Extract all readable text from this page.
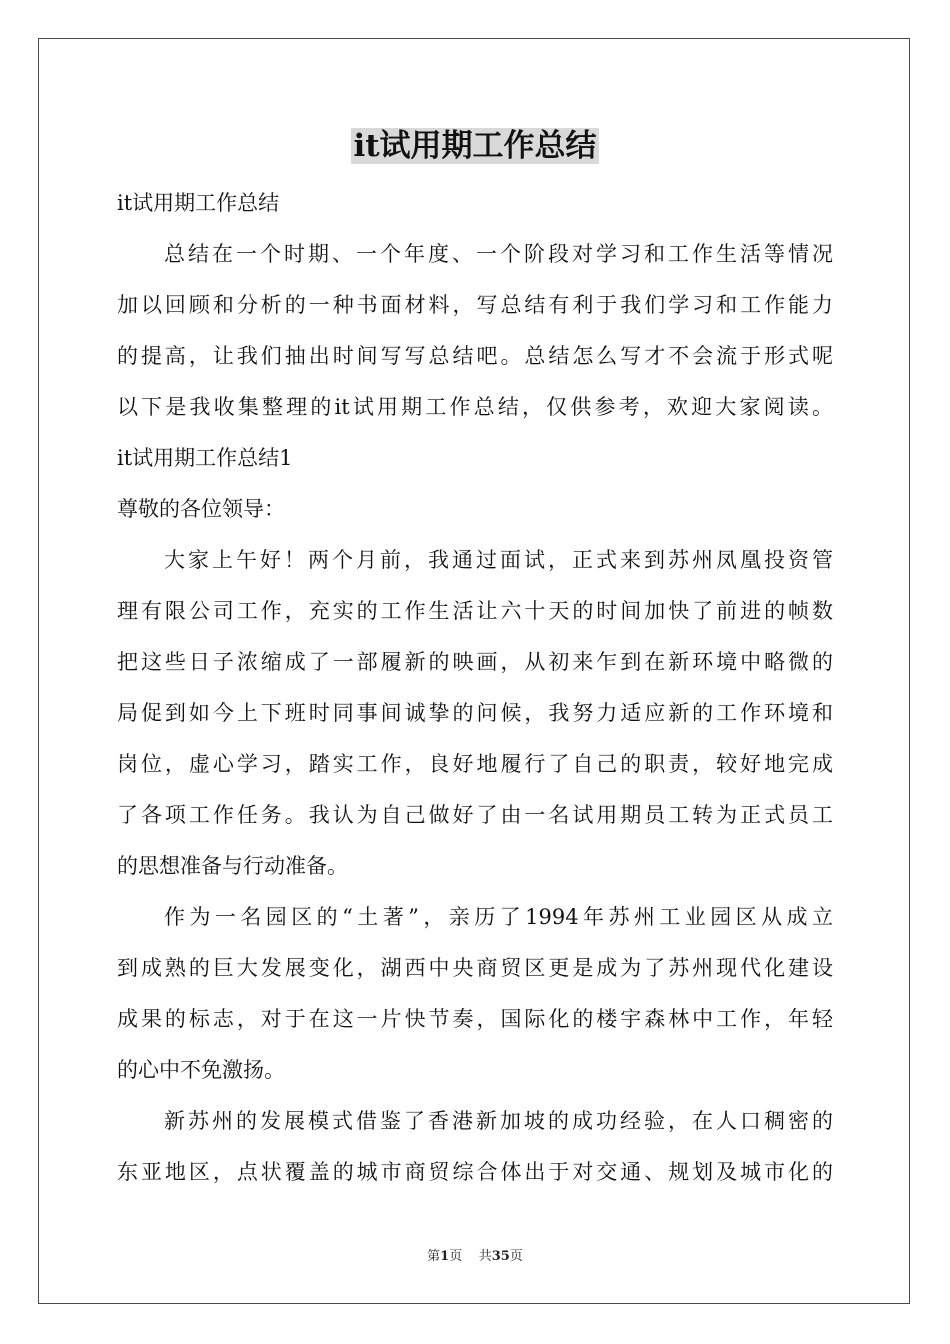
it试用期工作总结
it试用期工作总结
总结在一个时期、一个年度、一个阶段对学习和工作生活等情况
加以回顾和分析的一种书面材料，写总结有利于我们学习和工作能力
的提高，让我们抽出时间写写总结吧。总结怎么写才不会流于形式呢
以下是我收集整理的it试用期工作总结，仅供参考，欢迎大家阅读。
it试用期工作总结1
尊敬的各位领导：
大家上午好！两个月前，我通过面试，正式来到苏州凤凰投资管
理有限公司工作，充实的工作生活让六十天的时间加快了前进的帧数
把这些日子浓缩成了一部履新的映画，从初来乍到在新环境中略微的
局促到如今上下班时同事间诚挚的问候，我努力适应新的工作环境和
岗位，虚心学习，踏实工作，良好地履行了自己的职责，较好地完成
了各项工作任务。我认为自己做好了由一名试用期员工转为正式员工
的思想准备与行动准备。
作为一名园区的“土著”，亲历了1994年苏州工业园区从成立
到成熟的巨大发展变化，湖西中央商贸区更是成为了苏州现代化建设
成果的标志，对于在这一片快节奏，国际化的楼宇森林中工作，年轻
的心中不免激扬。
新苏州的发展模式借鉴了香港新加坡的成功经验，在人口稠密的
东亚地区，点状覆盖的城市商贸综合体出于对交通、规划及城市化的
第1页 共35页
